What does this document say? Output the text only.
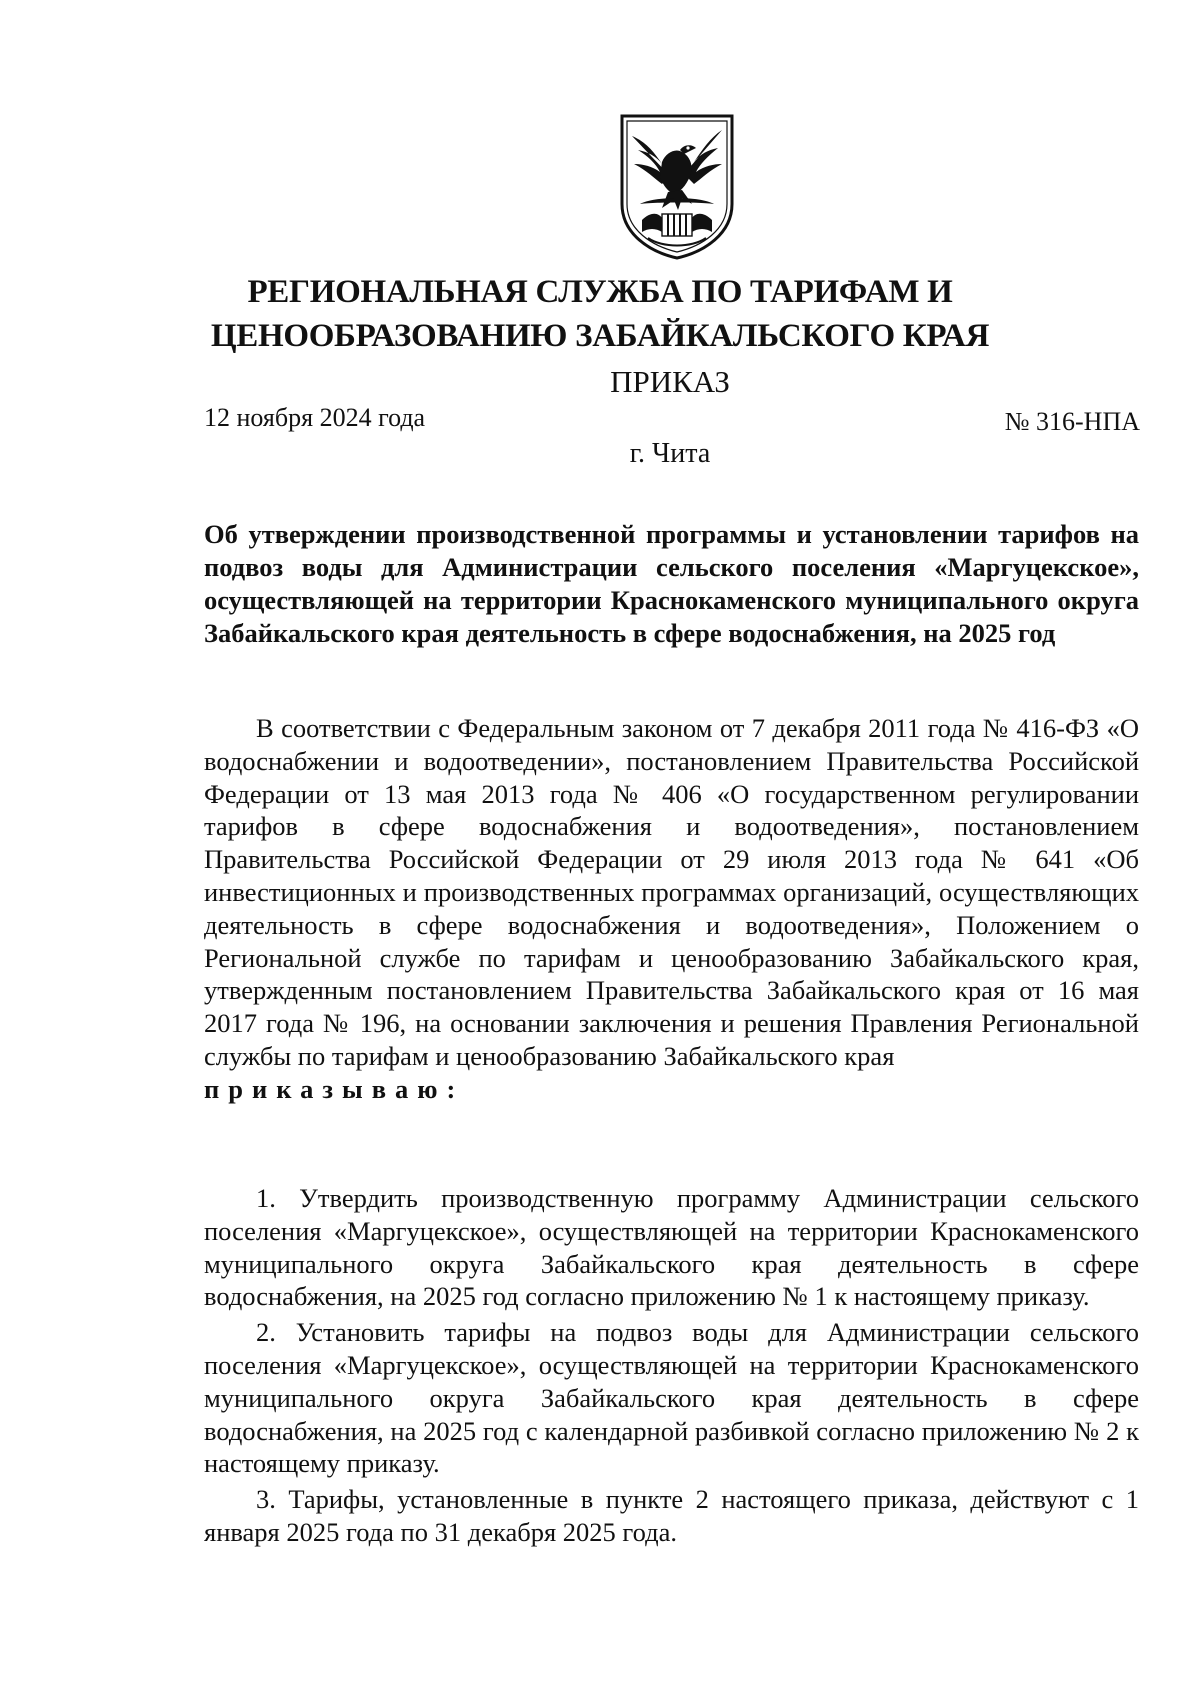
РЕГИОНАЛЬНАЯ СЛУЖБА ПО ТАРИФАМ И
ЦЕНООБРАЗОВАНИЮ ЗАБАЙКАЛЬСКОГО КРАЯ
ПРИКАЗ
12 ноября 2024 года	№ 316-НПА
г. Чита
Об утверждении производственной программы и установлении тарифов на подвоз воды для Администрации сельского поселения «Маргуцекское», осуществляющей на территории Краснокаменского муниципального округа Забайкальского края деятельность в сфере водоснабжения, на 2025 год

В соответствии с Федеральным законом от 7 декабря 2011 года № 416-ФЗ «О водоснабжении и водоотведении», постановлением Правительства Российской Федерации от 13 мая 2013 года № 406 «О государственном регулировании тарифов в сфере водоснабжения и водоотведения», постановлением Правительства Российской Федерации от 29 июля 2013 года № 641 «Об инвестиционных и производственных программах организаций, осуществляющих деятельность в сфере водоснабжения и водоотведения», Положением о Региональной службе по тарифам и ценообразованию Забайкальского края, утвержденным постановлением Правительства Забайкальского края от 16 мая 2017 года № 196, на основании заключения и решения Правления Региональной службы по тарифам и ценообразованию Забайкальского края
приказываю:

1. Утвердить производственную программу Администрации сельского поселения «Маргуцекское», осуществляющей на территории Краснокаменского муниципального округа Забайкальского края деятельность в сфере водоснабжения, на 2025 год согласно приложению № 1 к настоящему приказу.

2. Установить тарифы на подвоз воды для Администрации сельского поселения «Маргуцекское», осуществляющей на территории Краснокаменского муниципального округа Забайкальского края деятельность в сфере водоснабжения, на 2025 год с календарной разбивкой согласно приложению № 2 к настоящему приказу.

3. Тарифы, установленные в пункте 2 настоящего приказа, действуют с 1 января 2025 года по 31 декабря 2025 года.
